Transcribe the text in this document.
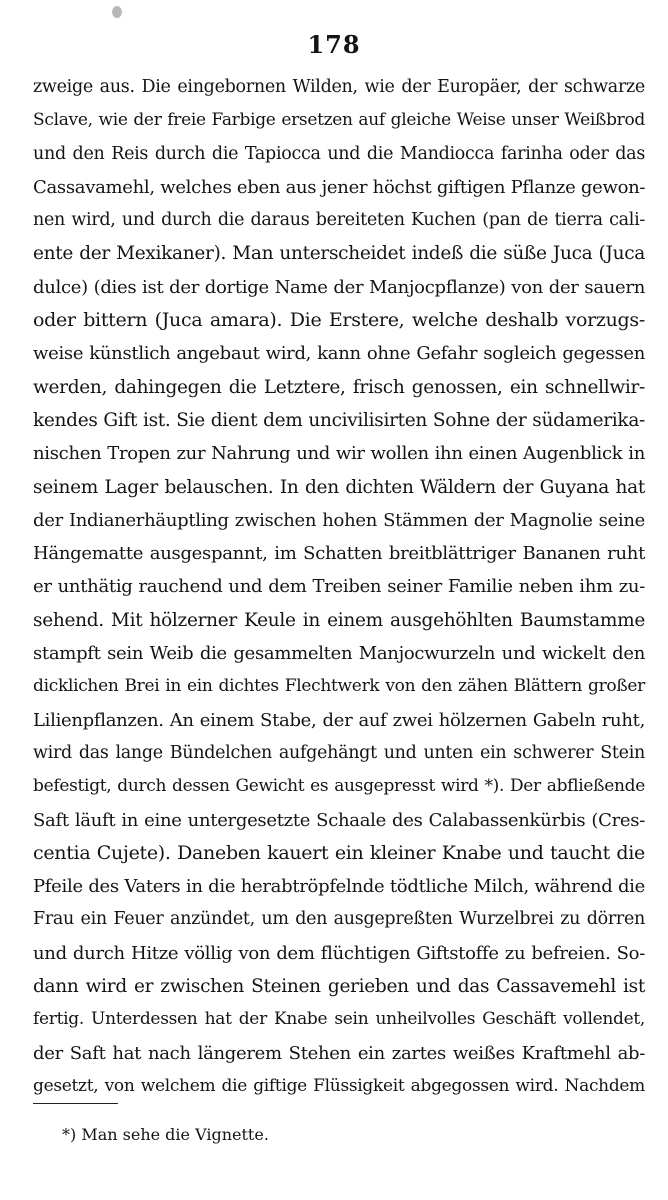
178
zweige aus. Die eingebornen Wilden, wie der Europäer, der schwarze
Sclave, wie der freie Farbige ersetzen auf gleiche Weise unser Weißbrod
und den Reis durch die Tapiocca und die Mandiocca farinha oder das
Cassavamehl, welches eben aus jener höchst giftigen Pflanze gewon-
nen wird, und durch die daraus bereiteten Kuchen (pan de tierra cali-
ente der Mexikaner). Man unterscheidet indeß die süße Juca (Juca
dulce) (dies ist der dortige Name der Manjocpflanze) von der sauern
oder bittern (Juca amara). Die Erstere, welche deshalb vorzugs-
weise künstlich angebaut wird, kann ohne Gefahr sogleich gegessen
werden, dahingegen die Letztere, frisch genossen, ein schnellwir-
kendes Gift ist. Sie dient dem uncivilisirten Sohne der südamerika-
nischen Tropen zur Nahrung und wir wollen ihn einen Augenblick in
seinem Lager belauschen. In den dichten Wäldern der Guyana hat
der Indianerhäuptling zwischen hohen Stämmen der Magnolie seine
Hängematte ausgespannt, im Schatten breitblättriger Bananen ruht
er unthätig rauchend und dem Treiben seiner Familie neben ihm zu-
sehend. Mit hölzerner Keule in einem ausgehöhlten Baumstamme
stampft sein Weib die gesammelten Manjocwurzeln und wickelt den
dicklichen Brei in ein dichtes Flechtwerk von den zähen Blättern großer
Lilienpflanzen. An einem Stabe, der auf zwei hölzernen Gabeln ruht,
wird das lange Bündelchen aufgehängt und unten ein schwerer Stein
befestigt, durch dessen Gewicht es ausgepresst wird *). Der abfließende
Saft läuft in eine untergesetzte Schaale des Calabassenkürbis (Cres-
centia Cujete). Daneben kauert ein kleiner Knabe und taucht die
Pfeile des Vaters in die herabtröpfelnde tödtliche Milch, während die
Frau ein Feuer anzündet, um den ausgepreßten Wurzelbrei zu dörren
und durch Hitze völlig von dem flüchtigen Giftstoffe zu befreien. So-
dann wird er zwischen Steinen gerieben und das Cassavemehl ist
fertig. Unterdessen hat der Knabe sein unheilvolles Geschäft vollendet,
der Saft hat nach längerem Stehen ein zartes weißes Kraftmehl ab-
gesetzt, von welchem die giftige Flüssigkeit abgegossen wird. Nachdem
*) Man sehe die Vignette.
